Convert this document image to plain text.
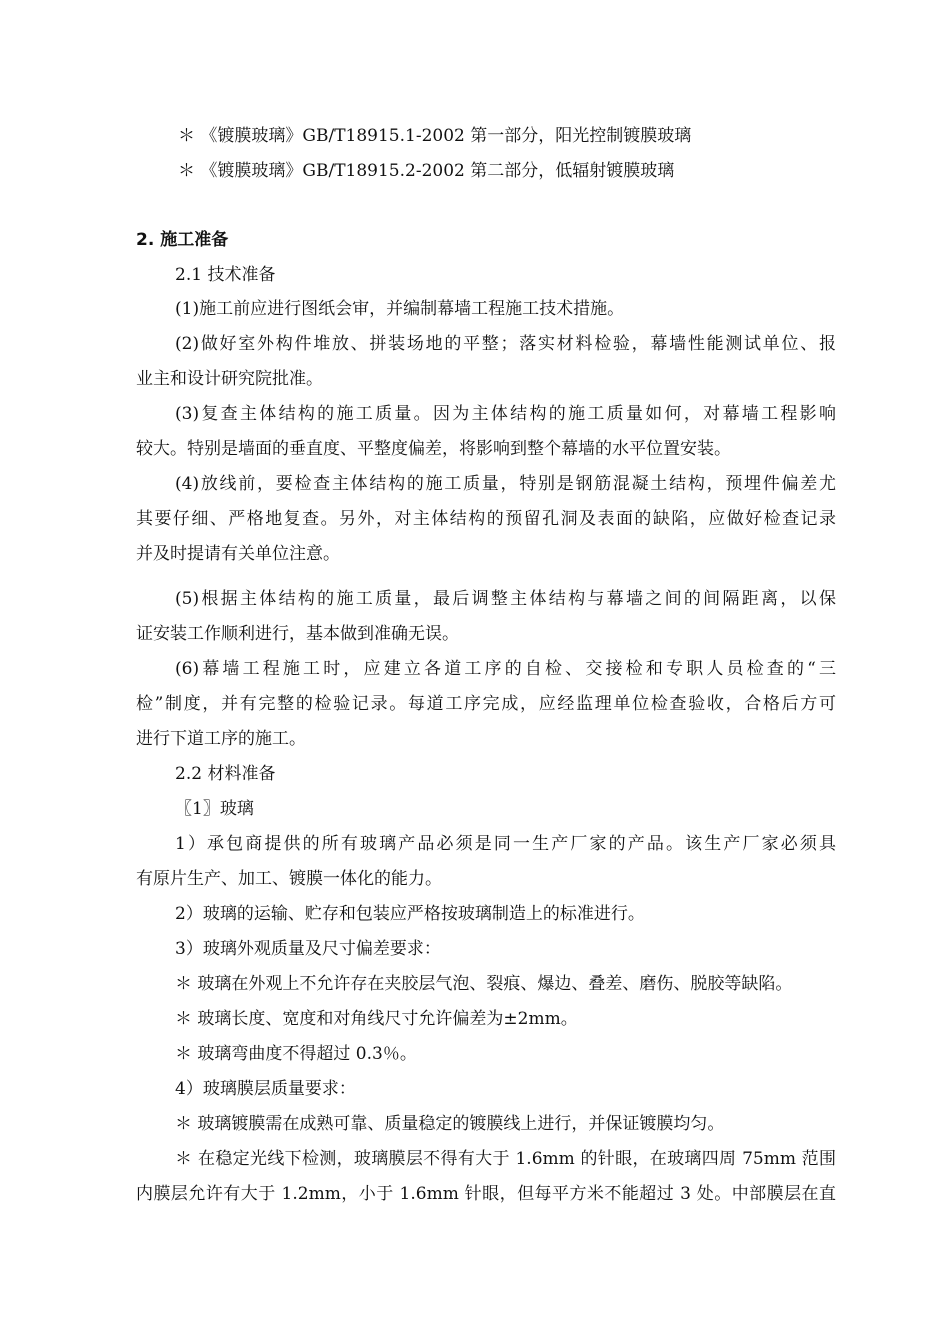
＊ 《镀膜玻璃》GB/T18915.1-2002 第一部分，阳光控制镀膜玻璃
＊ 《镀膜玻璃》GB/T18915.2-2002 第二部分，低辐射镀膜玻璃
2. 施工准备
2.1 技术准备
(1)施工前应进行图纸会审，并编制幕墙工程施工技术措施。
(2)做好室外构件堆放、拼装场地的平整；落实材料检验，幕墙性能测试单位、报
业主和设计研究院批准。
(3)复查主体结构的施工质量。因为主体结构的施工质量如何，对幕墙工程影响
较大。特别是墙面的垂直度、平整度偏差，将影响到整个幕墙的水平位置安装。
(4)放线前，要检查主体结构的施工质量，特别是钢筋混凝土结构，预埋件偏差尤
其要仔细、严格地复查。另外，对主体结构的预留孔洞及表面的缺陷，应做好检查记录
并及时提请有关单位注意。
(5)根据主体结构的施工质量，最后调整主体结构与幕墙之间的间隔距离，以保
证安装工作顺利进行，基本做到准确无误。
(6)幕墙工程施工时，应建立各道工序的自检、交接检和专职人员检查的“三
检”制度，并有完整的检验记录。每道工序完成，应经监理单位检查验收，合格后方可
进行下道工序的施工。
2.2 材料准备
〖1〗玻璃
1）承包商提供的所有玻璃产品必须是同一生产厂家的产品。该生产厂家必须具
有原片生产、加工、镀膜一体化的能力。
2）玻璃的运输、贮存和包装应严格按玻璃制造上的标准进行。
3）玻璃外观质量及尺寸偏差要求：
＊ 玻璃在外观上不允许存在夹胶层气泡、裂痕、爆边、叠差、磨伤、脱胶等缺陷。
＊ 玻璃长度、宽度和对角线尺寸允许偏差为±2mm。
＊ 玻璃弯曲度不得超过 0.3％。
4）玻璃膜层质量要求：
＊ 玻璃镀膜需在成熟可靠、质量稳定的镀膜线上进行，并保证镀膜均匀。
＊ 在稳定光线下检测，玻璃膜层不得有大于 1.6mm 的针眼，在玻璃四周 75mm 范围
内膜层允许有大于 1.2mm，小于 1.6mm 针眼，但每平方米不能超过 3 处。中部膜层在直
